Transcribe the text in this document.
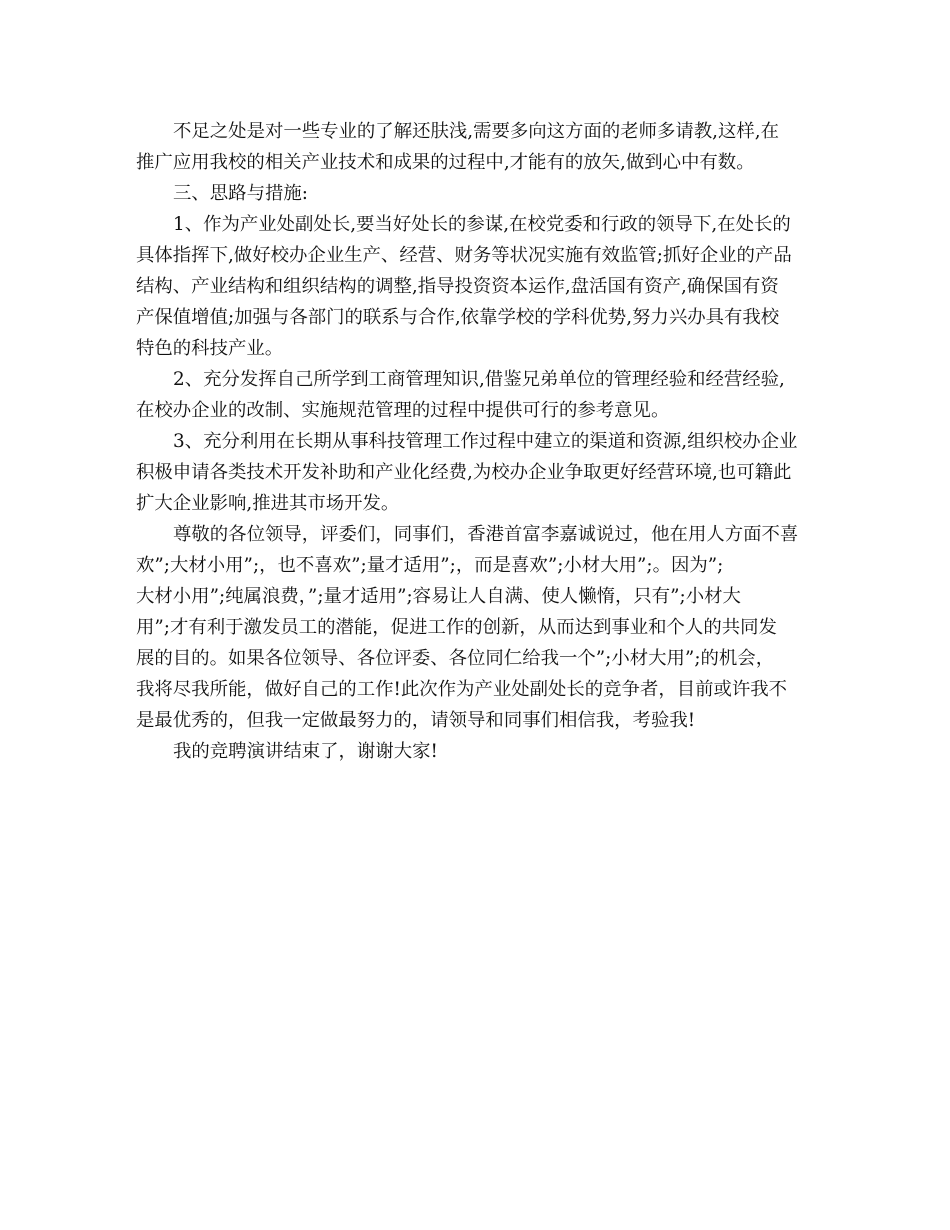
不足之处是对一些专业的了解还肤浅,需要多向这方面的老师多请教,这样,在
推广应用我校的相关产业技术和成果的过程中,才能有的放矢,做到心中有数。
三、思路与措施:
1、作为产业处副处长,要当好处长的参谋,在校党委和行政的领导下,在处长的
具体指挥下,做好校办企业生产、经营、财务等状况实施有效监管;抓好企业的产品
结构、产业结构和组织结构的调整,指导投资资本运作,盘活国有资产,确保国有资
产保值增值;加强与各部门的联系与合作,依靠学校的学科优势,努力兴办具有我校
特色的科技产业。
2、充分发挥自己所学到工商管理知识,借鉴兄弟单位的管理经验和经营经验,
在校办企业的改制、实施规范管理的过程中提供可行的参考意见。
3、充分利用在长期从事科技管理工作过程中建立的渠道和资源,组织校办企业
积极申请各类技术开发补助和产业化经费,为校办企业争取更好经营环境,也可籍此
扩大企业影响,推进其市场开发。
尊敬的各位领导，评委们，同事们，香港首富李嘉诚说过，他在用人方面不喜
欢”;大材小用”;，也不喜欢”;量才适用”;，而是喜欢”;小材大用”;。因为”;
大材小用”;纯属浪费，”;量才适用”;容易让人自满、使人懒惰，只有”;小材大
用”;才有利于激发员工的潜能，促进工作的创新，从而达到事业和个人的共同发
展的目的。如果各位领导、各位评委、各位同仁给我一个”;小材大用”;的机会，
我将尽我所能，做好自己的工作!此次作为产业处副处长的竞争者，目前或许我不
是最优秀的，但我一定做最努力的，请领导和同事们相信我，考验我!
我的竞聘演讲结束了，谢谢大家!
